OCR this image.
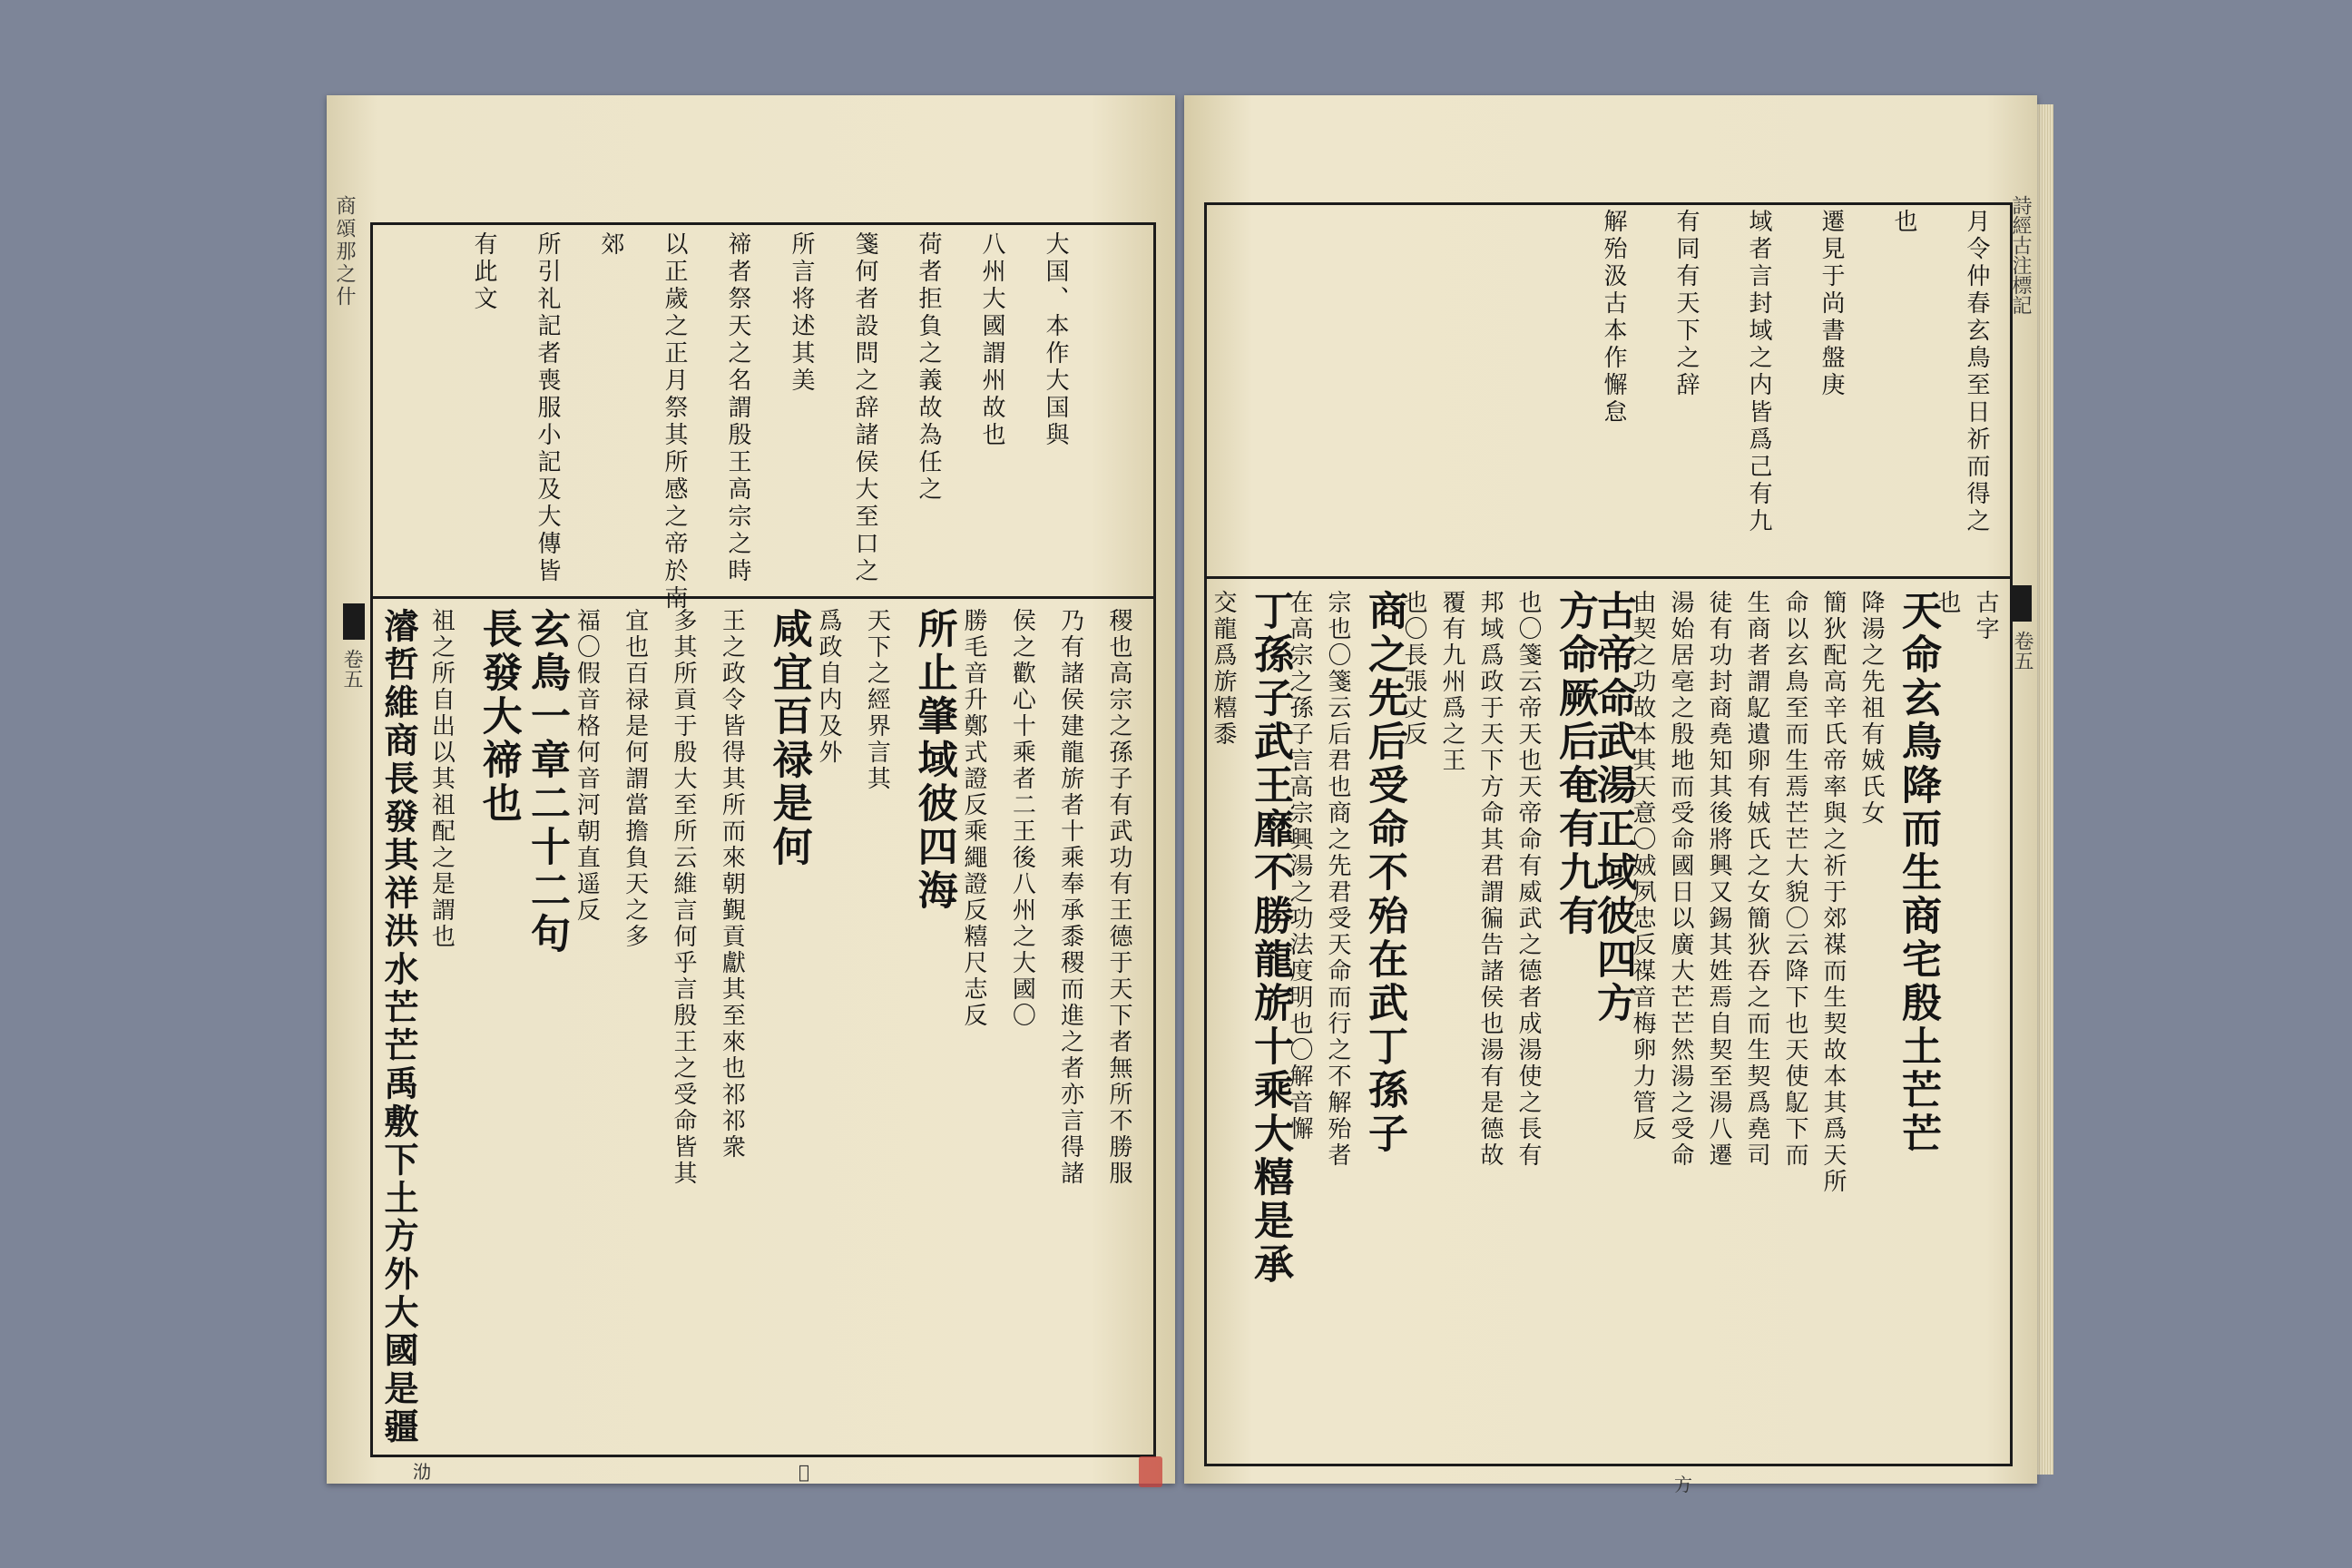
大国、本作大国與
八州大國謂州故也
荷者拒負之義故為任之
箋何者設問之辞諸侯大至口之
所言将述其美
禘者祭天之名謂殷王高宗之時
以正歲之正月祭其所感之帝於南
郊
所引礼記者喪服小記及大傳皆
有此文
稷也高宗之孫子有武功有王德于天下者無所不勝服
乃有諸侯建龍旂者十乘奉承黍稷而進之者亦言得諸
侯之歡心十乘者二王後八州之大國〇
勝毛音升鄭式證反乘繩證反糦尺志反
所止肇域彼四海
天下之經界言其
爲政自内及外
咸宜百禄是何
王之政令皆得其所而來朝覲貢獻其至來也祁祁衆
多其所貢于殷大至所云維言何乎言殷王之受命皆其
宜也百禄是何謂當擔負天之多
福〇假音格何音河朝直遥反
玄鳥一章二十二句
長發大禘也
祖之所自出以其祖配之是謂也
濬哲維商長發其祥洪水芒芒禹敷下土方外大國是疆
商頌那之什
卷五
𣲒	𠮦
月令仲春玄鳥至日祈而得之
也
遷見于尚書盤庚
域者言封域之内皆爲己有九
有同有天下之辞
解殆汲古本作懈怠
古字
也
天命玄鳥降而生商宅殷土芒芒
降湯之先祖有娀氏女
簡狄配高辛氏帝率與之祈于郊禖而生契故本其爲天所
命以玄鳥至而生焉芒芒大貌〇云降下也天使鳦下而
生商者謂鳦遺卵有娀氏之女簡狄吞之而生契爲堯司
徒有功封商堯知其後將興又錫其姓焉自契至湯八遷
湯始居亳之殷地而受命國日以廣大芒芒然湯之受命
由契之功故本其天意〇娀夙忠反禖音梅卵力管反
古帝命武湯正域彼四方
方命厥后奄有九有
也〇箋云帝天也天帝命有威武之德者成湯使之長有
邦域爲政于天下方命其君謂徧告諸侯也湯有是德故
覆有九州爲之王
也〇長張丈反
商之先后受命不殆在武丁孫子
宗也〇箋云后君也商之先君受天命而行之不解殆者
在高宗之孫子言高宗興湯之功法度明也〇解音懈
丁孫子武王靡不勝龍旂十乘大糦是承
交龍爲旂糦黍
詩經古注標記
卷五
方
